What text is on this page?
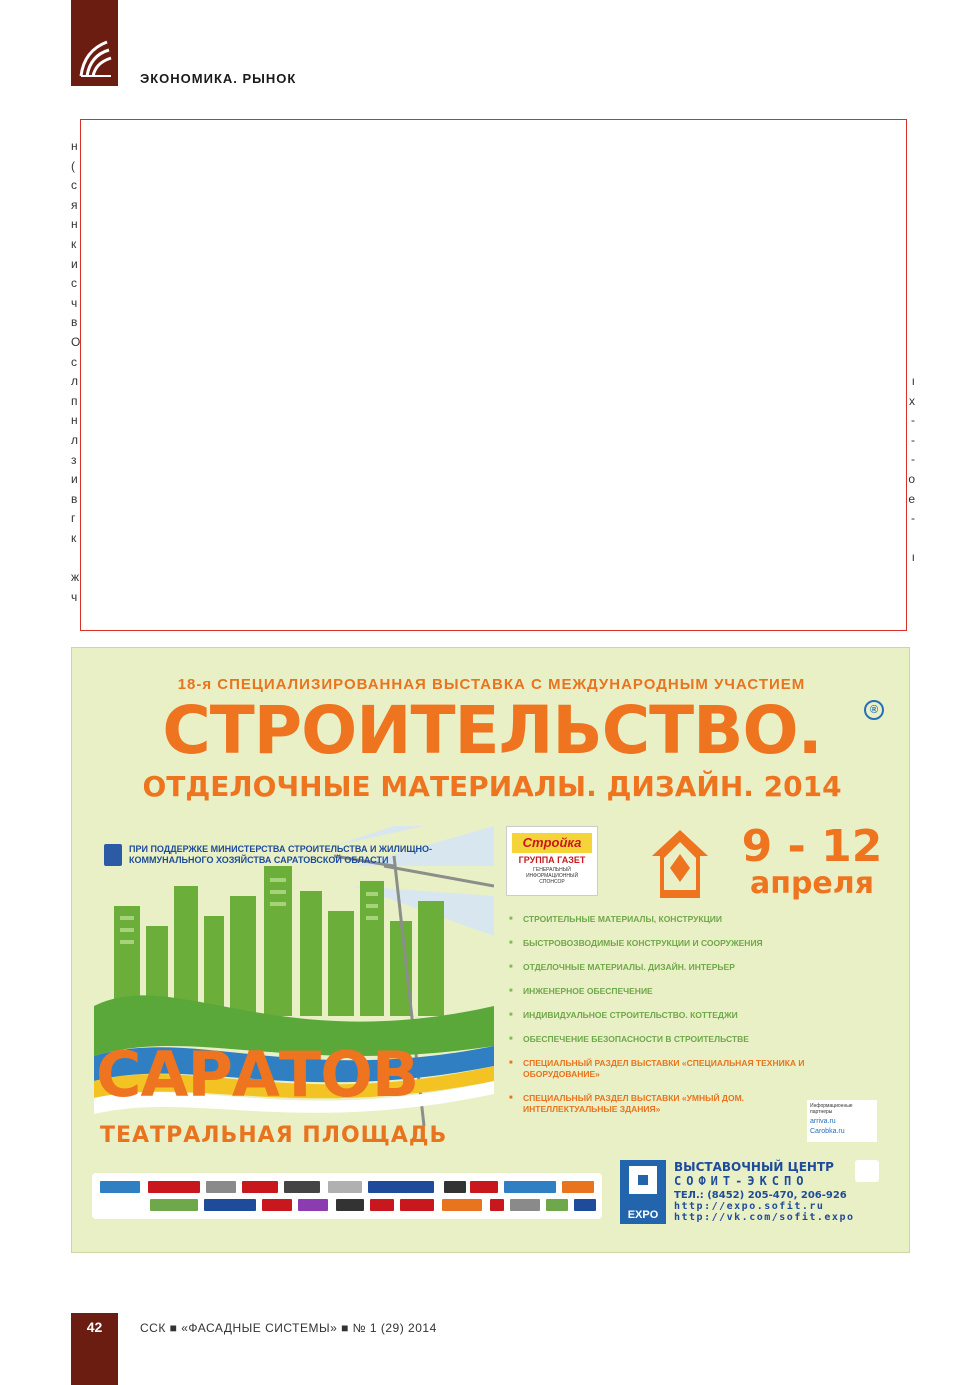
ЭКОНОМИКА. РЫНОК
н
(
с
я
н
к
и
с
ч
в
О
с
л
п
н
л
з
и
в
г
к
ж
ч
ı
x
-
-
-
o
e
-
ı
18-я СПЕЦИАЛИЗИРОВАННАЯ ВЫСТАВКА С МЕЖДУНАРОДНЫМ УЧАСТИЕМ
СТРОИТЕЛЬСТВО.	®
ОТДЕЛОЧНЫЕ МАТЕРИАЛЫ. ДИЗАЙН. 2014
ПРИ ПОДДЕРЖКЕ МИНИСТЕРСТВА СТРОИТЕЛЬСТВА И ЖИЛИЩНО-КОММУНАЛЬНОГО ХОЗЯЙСТВА САРАТОВСКОЙ ОБЛАСТИ
САРАТОВ
ТЕАТРАЛЬНАЯ ПЛОЩАДЬ
Стройка
ГРУППА ГАЗЕТ
ГЕНЕРАЛЬНЫЙ ИНФОРМАЦИОННЫЙ СПОНСОР
9 - 12
апреля
■ СТРОИТЕЛЬНЫЕ МАТЕРИАЛЫ, КОНСТРУКЦИИ
■ БЫСТРОВОЗВОДИМЫЕ КОНСТРУКЦИИ И СООРУЖЕНИЯ
■ ОТДЕЛОЧНЫЕ МАТЕРИАЛЫ. ДИЗАЙН. ИНТЕРЬЕР
■ ИНЖЕНЕРНОЕ ОБЕСПЕЧЕНИЕ
■ ИНДИВИДУАЛЬНОЕ СТРОИТЕЛЬСТВО. КОТТЕДЖИ
■ ОБЕСПЕЧЕНИЕ БЕЗОПАСНОСТИ В СТРОИТЕЛЬСТВЕ
■ СПЕЦИАЛЬНЫЙ РАЗДЕЛ ВЫСТАВКИ «СПЕЦИАЛЬНАЯ ТЕХНИКА И ОБОРУДОВАНИЕ»
■ СПЕЦИАЛЬНЫЙ РАЗДЕЛ ВЫСТАВКИ «УМНЫЙ ДОМ. ИНТЕЛЛЕКТУАЛЬНЫЕ ЗДАНИЯ»	Информационные партнеры
arriva.ru
Carobka.ru
EXPO
ВЫСТАВОЧНЫЙ ЦЕНТР
СОФИТ-ЭКСПО
ТЕЛ.: (8452) 205-470, 206-926
http://expo.sofit.ru
http://vk.com/sofit.expo
42	ССК ■ «ФАСАДНЫЕ СИСТЕМЫ» ■ № 1 (29) 2014
